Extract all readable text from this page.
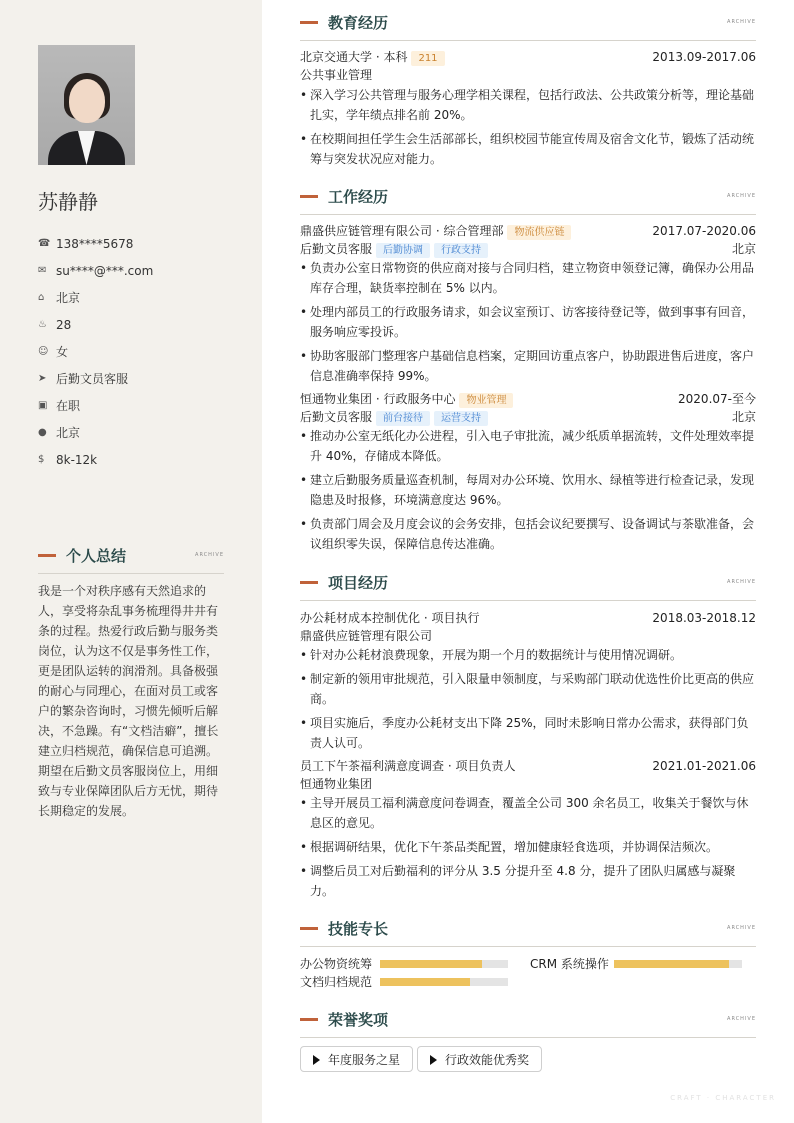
苏静静
☎ 138****5678
✉ su****@***.com
⌂ 北京
♨ 28
☺ 女
➤ 后勤文员客服
▣ 在职
● 北京
$ 8k-12k
个人总结	ARCHIVE
我是一个对秩序感有天然追求的
人，享受将杂乱事务梳理得井井有
条的过程。热爱行政后勤与服务类
岗位，认为这不仅是事务性工作，
更是团队运转的润滑剂。具备极强
的耐心与同理心，在面对员工或客
户的繁杂咨询时，习惯先倾听后解
决，不急躁。有“文档洁癖”，擅长
建立归档规范，确保信息可追溯。
期望在后勤文员客服岗位上，用细
致与专业保障团队后方无忧，期待
长期稳定的发展。
教育经历	ARCHIVE
北京交通大学 · 本科 211	2013.09-2017.06
公共事业管理
• 深入学习公共管理与服务心理学相关课程，包括行政法、公共政策分析等，理论基础
扎实，学年绩点排名前 20%。
• 在校期间担任学生会生活部部长，组织校园节能宣传周及宿舍文化节，锻炼了活动统
筹与突发状况应对能力。
工作经历	ARCHIVE
鼎盛供应链管理有限公司 · 综合管理部 物流供应链	2017.07-2020.06
后勤文员客服 后勤协调 行政支持	北京
• 负责办公室日常物资的供应商对接与合同归档，建立物资申领登记簿，确保办公用品
库存合理，缺货率控制在 5% 以内。
• 处理内部员工的行政服务请求，如会议室预订、访客接待登记等，做到事事有回音，
服务响应零投诉。
• 协助客服部门整理客户基础信息档案，定期回访重点客户，协助跟进售后进度，客户
信息准确率保持 99%。
恒通物业集团 · 行政服务中心 物业管理	2020.07-至今
后勤文员客服 前台接待 运营支持	北京
• 推动办公室无纸化办公进程，引入电子审批流，减少纸质单据流转，文件处理效率提
升 40%，存储成本降低。
• 建立后勤服务质量巡查机制，每周对办公环境、饮用水、绿植等进行检查记录，发现
隐患及时报修，环境满意度达 96%。
• 负责部门周会及月度会议的会务安排，包括会议纪要撰写、设备调试与茶歇准备，会
议组织零失误，保障信息传达准确。
项目经历	ARCHIVE
办公耗材成本控制优化 · 项目执行	2018.03-2018.12
鼎盛供应链管理有限公司
• 针对办公耗材浪费现象，开展为期一个月的数据统计与使用情况调研。
• 制定新的领用审批规范，引入限量申领制度，与采购部门联动优选性价比更高的供应
商。
• 项目实施后，季度办公耗材支出下降 25%，同时未影响日常办公需求，获得部门负
责人认可。
员工下午茶福利满意度调查 · 项目负责人	2021.01-2021.06
恒通物业集团
• 主导开展员工福利满意度问卷调查，覆盖全公司 300 余名员工，收集关于餐饮与休
息区的意见。
• 根据调研结果，优化下午茶品类配置，增加健康轻食选项，并协调保洁频次。
• 调整后员工对后勤福利的评分从 3.5 分提升至 4.8 分，提升了团队归属感与凝聚
力。
技能专长	ARCHIVE
办公物资统筹	CRM 系统操作
文档归档规范
荣誉奖项	ARCHIVE
年度服务之星	行政效能优秀奖
CRAFT · CHARACTER
